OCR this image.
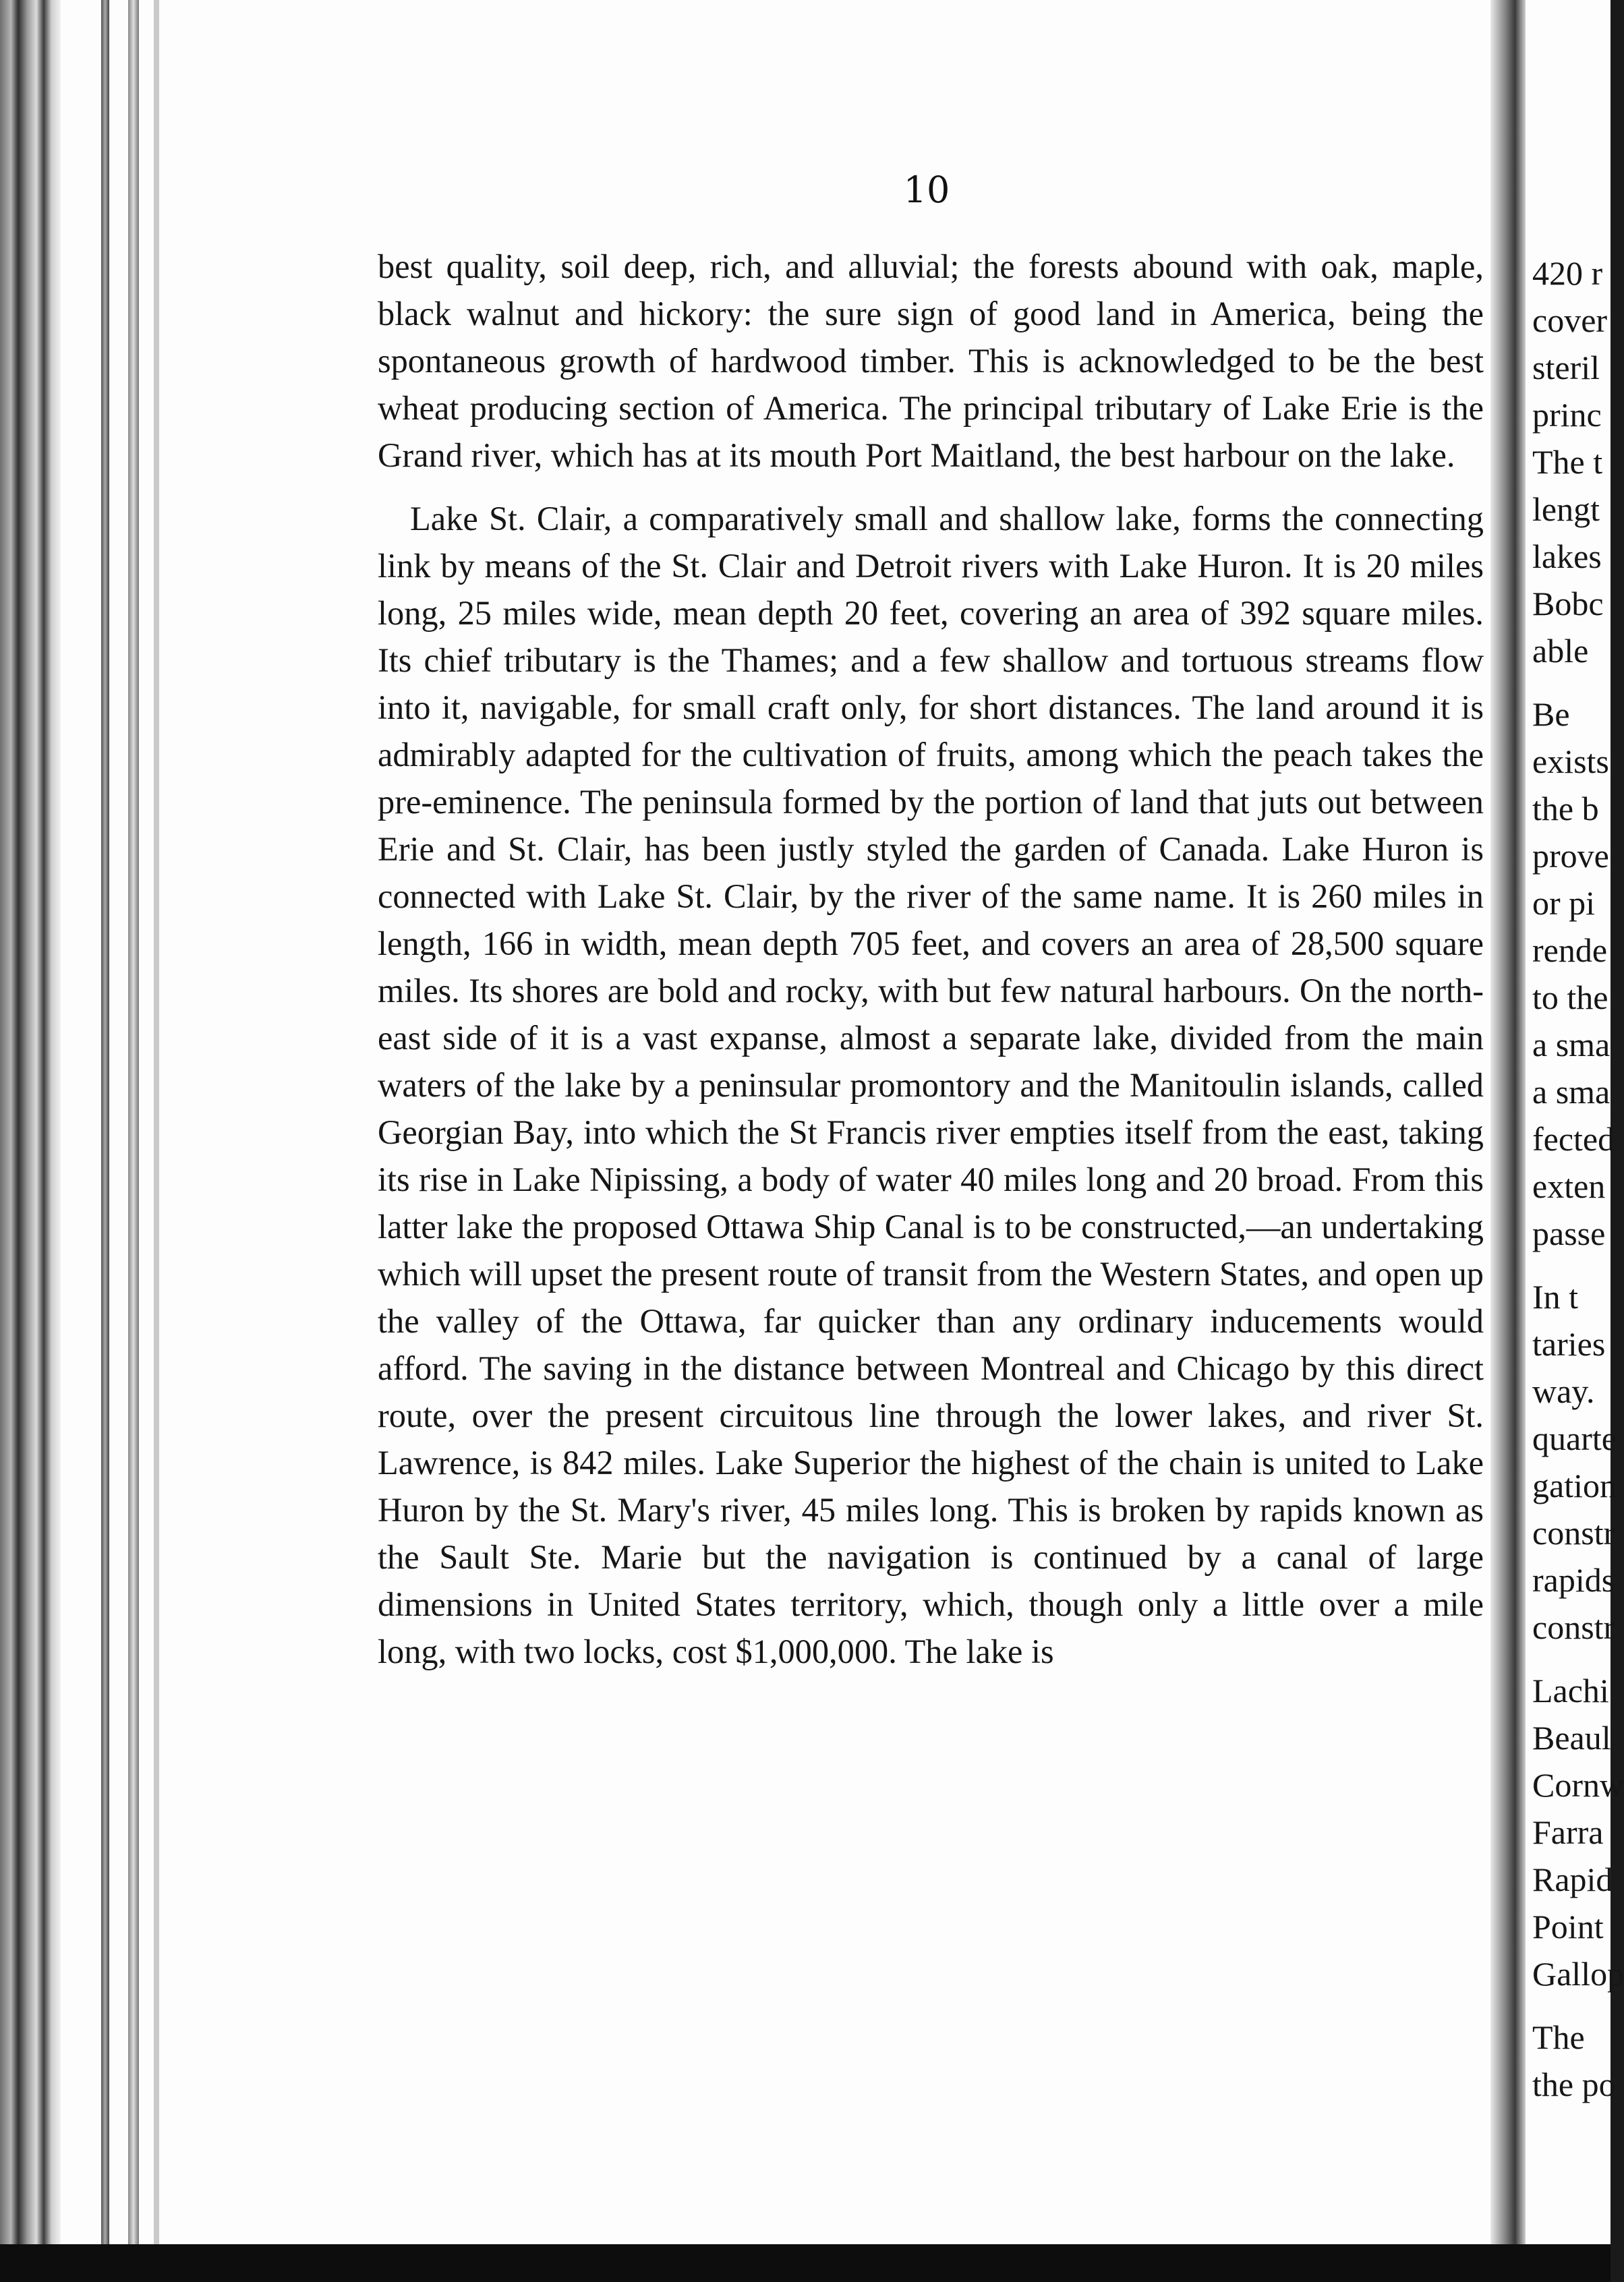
10

best quality, soil deep, rich, and alluvial; the forests abound with oak, maple, black walnut and hickory: the sure sign of good land in America, being the spontaneous growth of hardwood timber. This is acknowledged to be the best wheat producing section of America. The principal tributary of Lake Erie is the Grand river, which has at its mouth Port Maitland, the best harbour on the lake.

Lake St. Clair, a comparatively small and shallow lake, forms the connecting link by means of the St. Clair and Detroit rivers with Lake Huron. It is 20 miles long, 25 miles wide, mean depth 20 feet, covering an area of 392 square miles. Its chief tributary is the Thames; and a few shallow and tortuous streams flow into it, navigable, for small craft only, for short distances. The land around it is admirably adapted for the cultivation of fruits, among which the peach takes the pre-eminence. The peninsula formed by the portion of land that juts out between Erie and St. Clair, has been justly styled the garden of Canada. Lake Huron is connected with Lake St. Clair, by the river of the same name. It is 260 miles in length, 166 in width, mean depth 705 feet, and covers an area of 28,500 square miles. Its shores are bold and rocky, with but few natural harbours. On the north-east side of it is a vast expanse, almost a separate lake, divided from the main waters of the lake by a peninsular promontory and the Manitoulin islands, called Georgian Bay, into which the St Francis river empties itself from the east, taking its rise in Lake Nipissing, a body of water 40 miles long and 20 broad. From this latter lake the proposed Ottawa Ship Canal is to be constructed,—an undertaking which will upset the present route of transit from the Western States, and open up the valley of the Ottawa, far quicker than any ordinary inducements would afford. The saving in the distance between Montreal and Chicago by this direct route, over the present circuitous line through the lower lakes, and river St. Lawrence, is 842 miles. Lake Superior the highest of the chain is united to Lake Huron by the St. Mary's river, 45 miles long. This is broken by rapids known as the Sault Ste. Marie but the navigation is continued by a canal of large dimensions in United States territory, which, though only a little over a mile long, with two locks, cost $1,000,000. The lake is

420 r
cover
steril
princ
The t
lengt
lakes
Bobc
able
Be
exists
the b
prove
or pi
rende
to the
a sma
a sma
fected
exten
passe
In t
taries
way.
quarte
gation
constr
rapids
constr
Lachi
Beaul
Cornw
Farra
Rapid
Point
Gallop
The
the po
